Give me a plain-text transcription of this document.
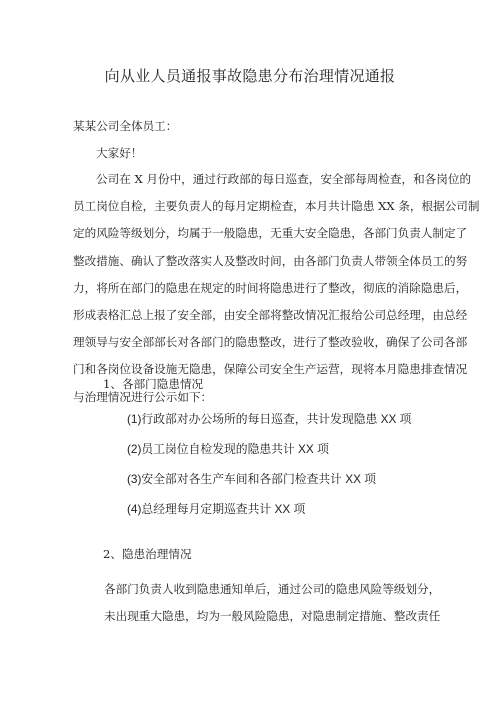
向从业人员通报事故隐患分布治理情况通报
某某公司全体员工：
大家好！
公司在 X 月份中，通过行政部的每日巡查，安全部每周检查，和各岗位的
员工岗位自检，主要负责人的每月定期检查，本月共计隐患 XX 条，根据公司制
定的风险等级划分，均属于一般隐患，无重大安全隐患，各部门负责人制定了
整改措施、确认了整改落实人及整改时间，由各部门负责人带领全体员工的努
力，将所在部门的隐患在规定的时间将隐患进行了整改，彻底的消除隐患后，
形成表格汇总上报了安全部，由安全部将整改情况汇报给公司总经理，由总经
理领导与安全部部长对各部门的隐患整改，进行了整改验收，确保了公司各部
门和各岗位设备设施无隐患，保障公司安全生产运营，现将本月隐患排查情况
与治理情况进行公示如下：
1、各部门隐患情况
(1)行政部对办公场所的每日巡查，共计发现隐患 XX 项
(2)员工岗位自检发现的隐患共计 XX 项
(3)安全部对各生产车间和各部门检查共计 XX 项
(4)总经理每月定期巡查共计 XX 项
2、隐患治理情况
各部门负责人收到隐患通知单后，通过公司的隐患风险等级划分，
未出现重大隐患，均为一般风险隐患，对隐患制定措施、整改责任
